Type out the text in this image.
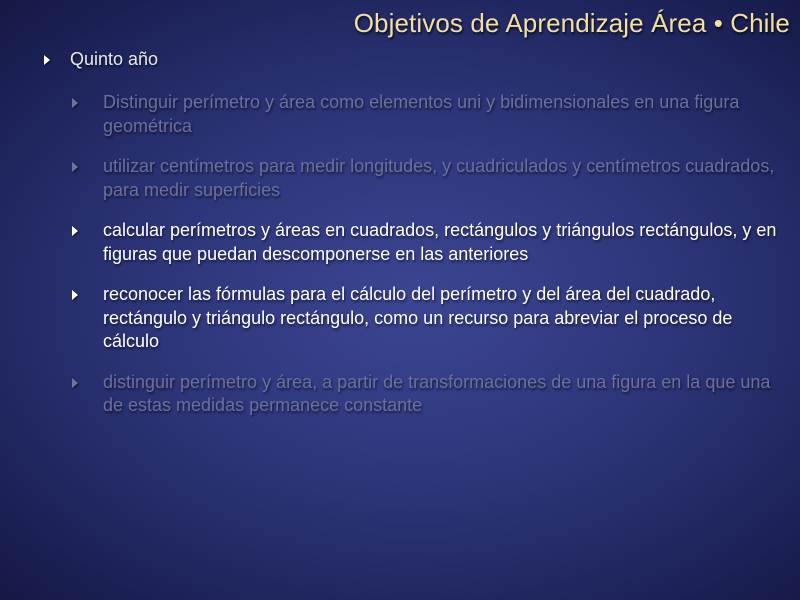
Objetivos de Aprendizaje Área • Chile
Quinto año
Distinguir perímetro y área como elementos uni y bidimensionales en una figura geométrica
utilizar centímetros para medir longitudes, y cuadriculados y centímetros cuadrados, para medir superficies
calcular perímetros y áreas en cuadrados, rectángulos y triángulos rectángulos, y en figuras que puedan descomponerse en las anteriores
reconocer las fórmulas para el cálculo del perímetro y del área del cuadrado, rectángulo y triángulo rectángulo, como un recurso para abreviar el proceso de cálculo
distinguir perímetro y área, a partir de transformaciones de una figura en la que una de estas medidas permanece constante
